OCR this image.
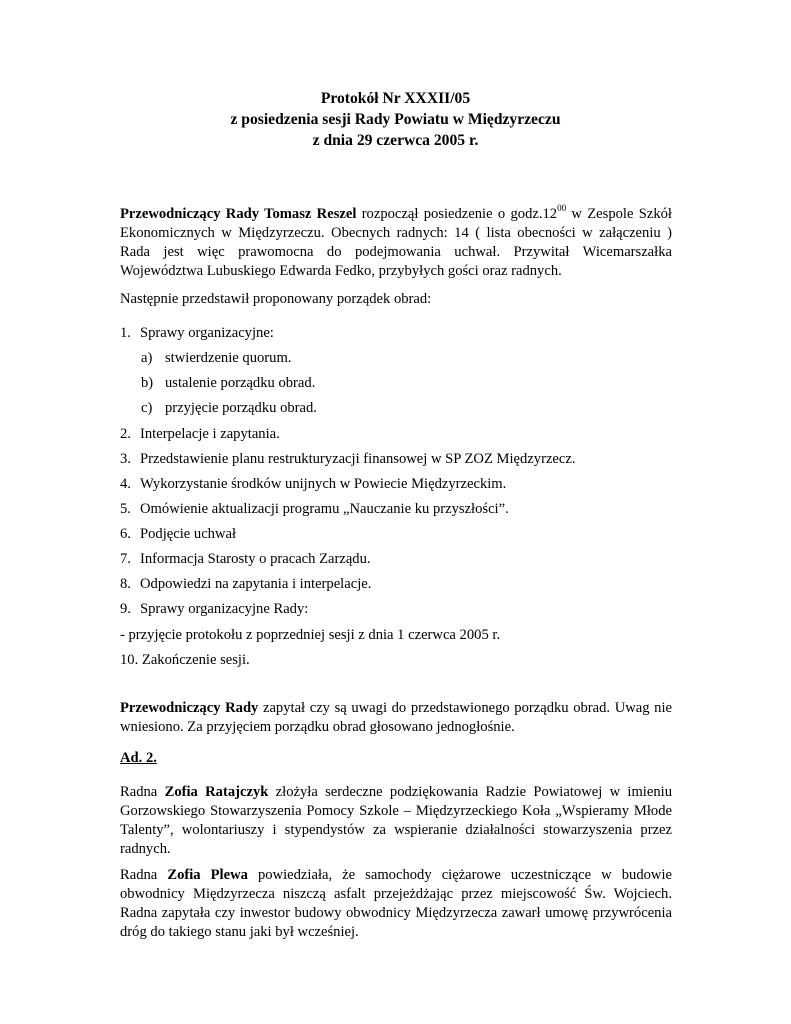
Protokół Nr XXXII/05
z posiedzenia sesji Rady Powiatu w Międzyrzeczu
z dnia 29 czerwca 2005 r.

Przewodniczący Rady Tomasz Reszel rozpoczął posiedzenie o $godz.12^{00}$ w Zespole Szkół Ekonomicznych w Międzyrzeczu. Obecnych radnych: 14 ( lista obecności w załączeniu ) Rada jest więc prawomocna do podejmowania uchwał. Przywitał Wicemarszałka Województwa Lubuskiego Edwarda Fedko, przybyłych gości oraz radnych.

Następnie przedstawił proponowany porządek obrad:

1. Sprawy organizacyjne:
a) stwierdzenie quorum.
b) ustalenie porządku obrad.
c) przyjęcie porządku obrad.
2. Interpelacje i zapytania.
3. Przedstawienie planu restrukturyzacji finansowej w SP ZOZ Międzyrzecz.
4. Wykorzystanie środków unijnych w Powiecie Międzyrzeckim.
5. Omówienie aktualizacji programu „Nauczanie ku przyszłości”.
6. Podjęcie uchwał
7. Informacja Starosty o pracach Zarządu.
8. Odpowiedzi na zapytania i interpelacje.
9. Sprawy organizacyjne Rady:
- przyjęcie protokołu z poprzedniej sesji z dnia 1 czerwca 2005 r.
10. Zakończenie sesji.

Przewodniczący Rady zapytał czy są uwagi do przedstawionego porządku obrad. Uwag nie wniesiono. Za przyjęciem porządku obrad głosowano jednogłośnie.

Ad. 2.

Radna Zofia Ratajczyk złożyła serdeczne podziękowania Radzie Powiatowej w imieniu Gorzowskiego Stowarzyszenia Pomocy Szkole – Międzyrzeckiego Koła „Wspieramy Młode Talenty”, wolontariuszy i stypendystów za wspieranie działalności stowarzyszenia przez radnych.

Radna Zofia Plewa powiedziała, że samochody ciężarowe uczestniczące w budowie obwodnicy Międzyrzecza niszczą asfalt przejeżdżając przez miejscowość Św. Wojciech. Radna zapytała czy inwestor budowy obwodnicy Międzyrzecza zawarł umowę przywrócenia dróg do takiego stanu jaki był wcześniej.
